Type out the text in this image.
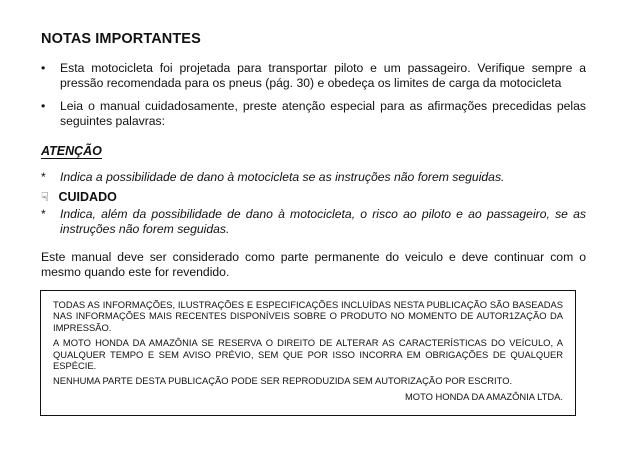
NOTAS IMPORTANTES
•	Esta motocicleta foi projetada para transportar piloto e um passageiro. Verifique sempre a pressão recomendada para os pneus (pág. 30) e obedeça os limites de carga da motocicleta
•	Leia o manual cuidadosamente, preste atenção especial para as afirmações precedidas pelas seguintes palavras:
ATENÇÃO
*	Indica a possibilidade de dano à motocicleta se as instruções não forem seguidas.
☟ CUIDADO
*	Indica, além da possibilidade de dano à motocicleta, o risco ao piloto e ao passageiro, se as instruções não forem seguidas.
Este manual deve ser considerado como parte permanente do veiculo e deve continuar com o mesmo quando este for revendido.

TODAS AS INFORMAÇÕES, ILUSTRAÇÕES E ESPECIFICAÇÕES INCLUÍDAS NESTA PUBLICAÇÃO SÃO BASEADAS NAS INFORMAÇÕES MAIS RECENTES DISPONÍVEIS SOBRE O PRODUTO NO MOMENTO DE AUTOR1ZAÇÃO DA IMPRESSÃO.

A MOTO HONDA DA AMAZÔNIA SE RESERVA O DIREITO DE ALTERAR AS CARACTERÍSTICAS DO VEÍCULO, A QUALQUER TEMPO E SEM AVISO PRÉVIO, SEM QUE POR ISSO INCORRA EM OBRIGAÇÕES DE QUALQUER ESPÉCIE.

NENHUMA PARTE DESTA PUBLICAÇÃO PODE SER REPRODUZIDA SEM AUTORIZAÇÃO POR ESCRITO.

MOTO HONDA DA AMAZÔNIA LTDA.
